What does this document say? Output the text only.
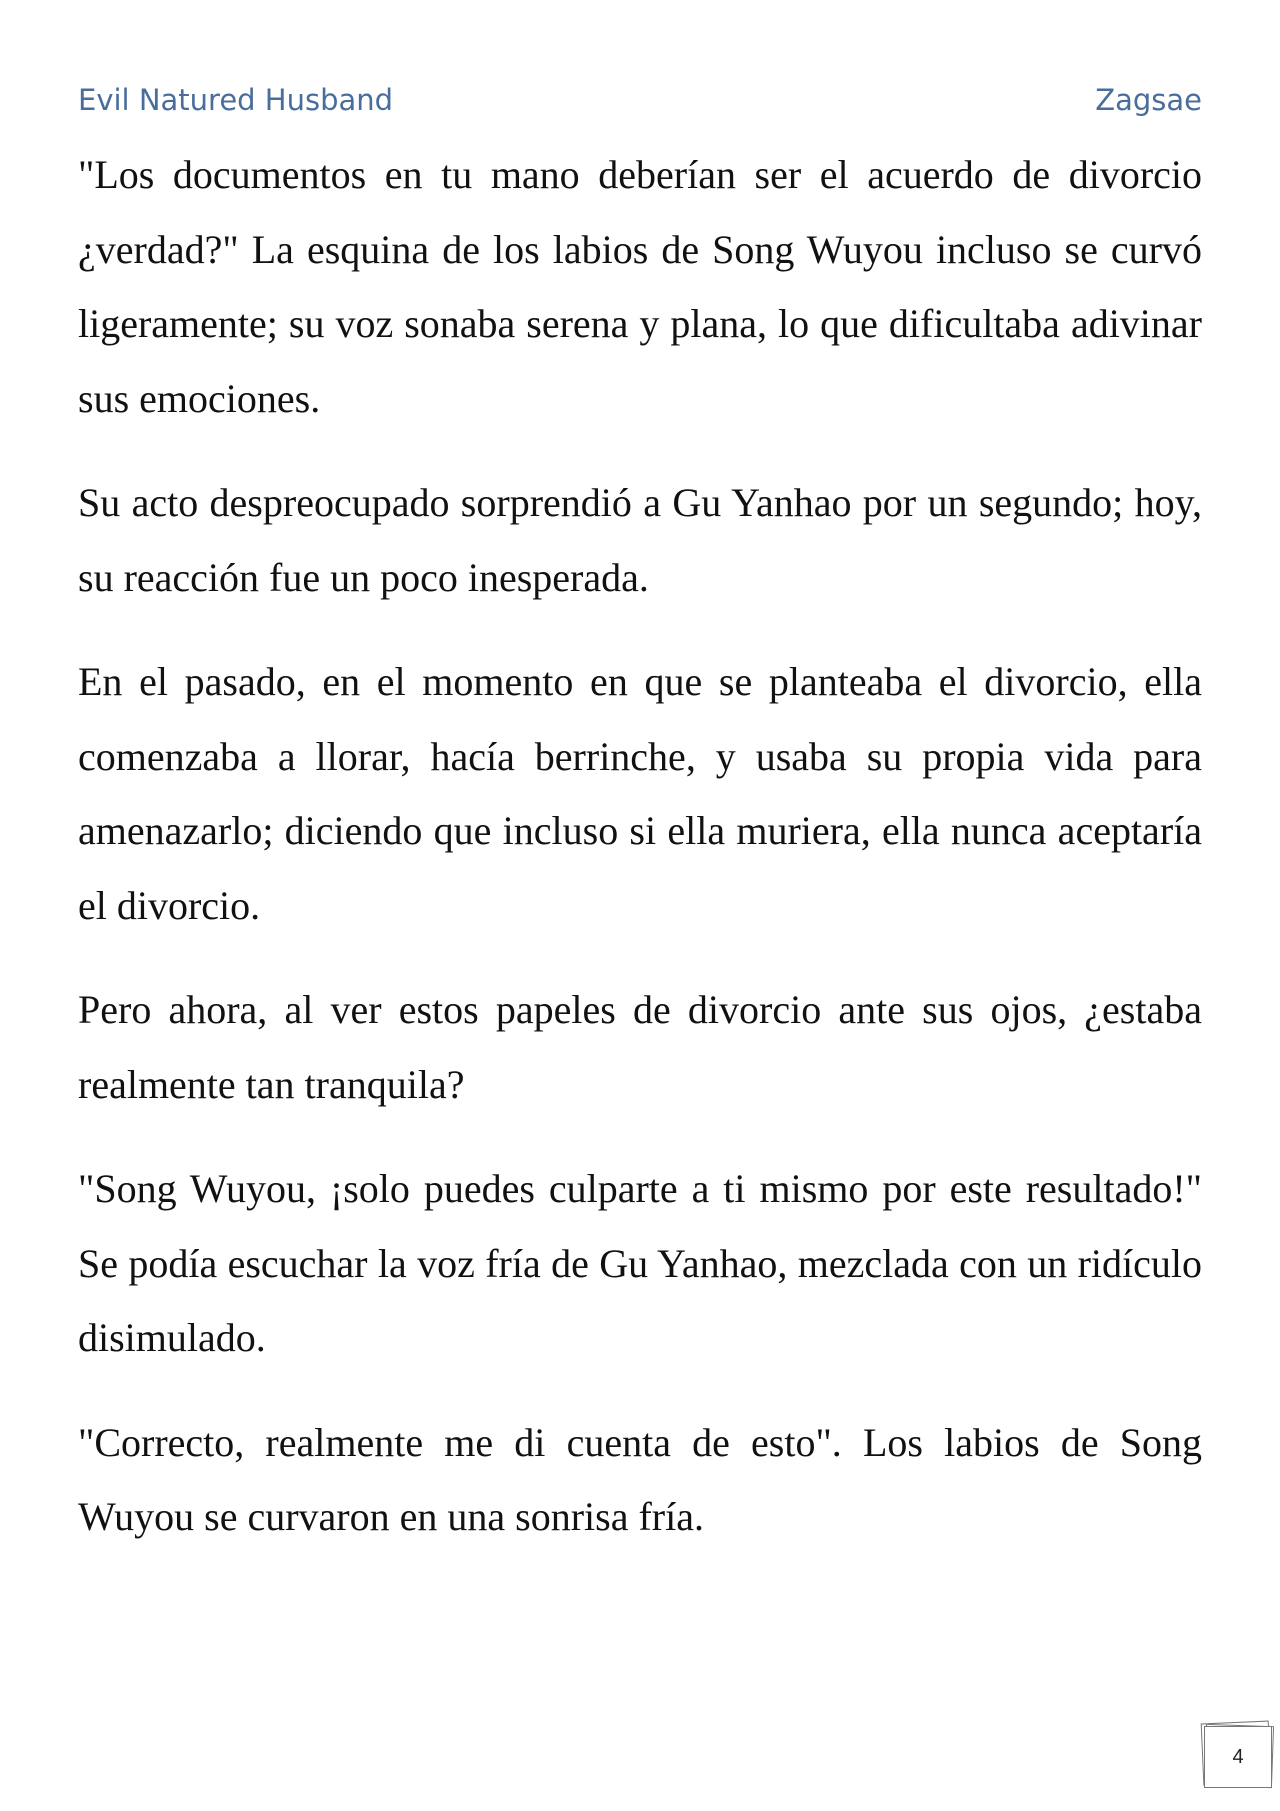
Evil Natured Husband	Zagsae

"Los documentos en tu mano deberían ser el acuerdo de divorcio ¿verdad?" La esquina de los labios de Song Wuyou incluso se curvó ligeramente; su voz sonaba serena y plana, lo que dificultaba adivinar sus emociones.

Su acto despreocupado sorprendió a Gu Yanhao por un segundo; hoy, su reacción fue un poco inesperada.

En el pasado, en el momento en que se planteaba el divorcio, ella comenzaba a llorar, hacía berrinche, y usaba su propia vida para amenazarlo; diciendo que incluso si ella muriera, ella nunca aceptaría el divorcio.

Pero ahora, al ver estos papeles de divorcio ante sus ojos, ¿estaba realmente tan tranquila?

"Song Wuyou, ¡solo puedes culparte a ti mismo por este resultado!" Se podía escuchar la voz fría de Gu Yanhao, mezclada con un ridículo disimulado.

"Correcto, realmente me di cuenta de esto". Los labios de Song Wuyou se curvaron en una sonrisa fría.

4
